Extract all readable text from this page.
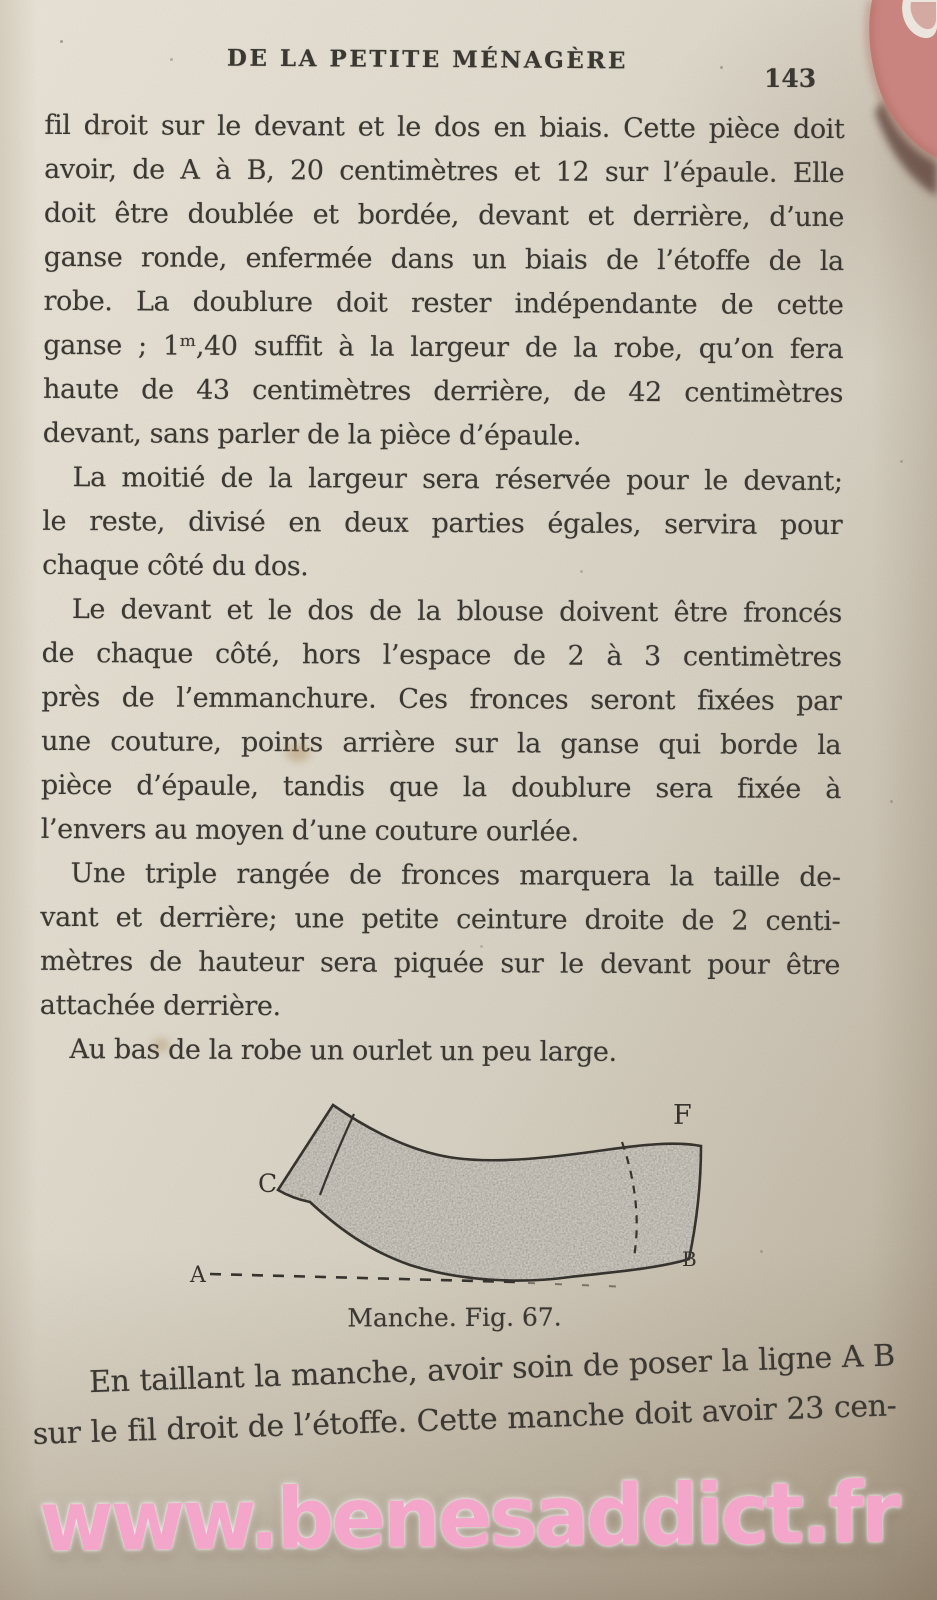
DE LA PETITE MÉNAGÈRE
143
fil droit sur le devant et le dos en biais. Cette pièce doit
avoir, de A à B, 20 centimètres et 12 sur l’épaule. Elle
doit être doublée et bordée, devant et derrière, d’une
ganse ronde, enfermée dans un biais de l’étoffe de la
robe. La doublure doit rester indépendante de cette
ganse ; 1ᵐ,40 suffit à la largeur de la robe, qu’on fera
haute de 43 centimètres derrière, de 42 centimètres
devant, sans parler de la pièce d’épaule.
La moitié de la largeur sera réservée pour le devant;
le reste, divisé en deux parties égales, servira pour
chaque côté du dos.
Le devant et le dos de la blouse doivent être froncés
de chaque côté, hors l’espace de 2 à 3 centimètres
près de l’emmanchure. Ces fronces seront fixées par
une couture, points arrière sur la ganse qui borde la
pièce d’épaule, tandis que la doublure sera fixée à
l’envers au moyen d’une couture ourlée.
Une triple rangée de fronces marquera la taille de-
vant et derrière; une petite ceinture droite de 2 centi-
mètres de hauteur sera piquée sur le devant pour être
attachée derrière.
Au bas de la robe un ourlet un peu large.
C
F
A
B
Manche. Fig. 67.
En taillant la manche, avoir soin de poser la ligne A B
sur le fil droit de l’étoffe. Cette manche doit avoir 23 cen-
www.benesaddict.fr
